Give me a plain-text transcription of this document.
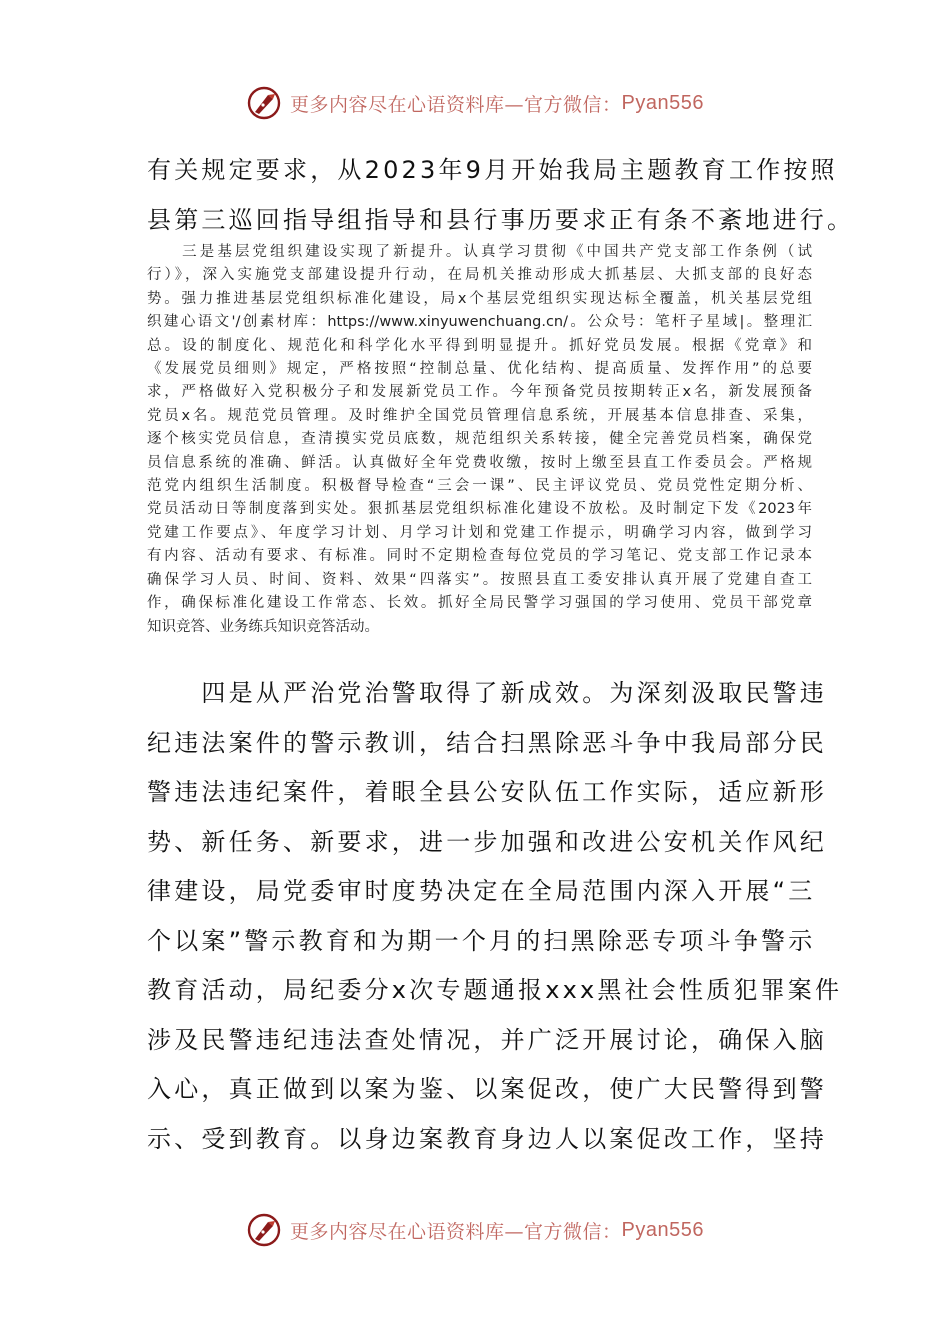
更多内容尽在心语资料库—官方微信： Pyan556
有关规定要求，从2023年9月开始我局主题教育工作按照
县第三巡回指导组指导和县行事历要求正有条不紊地进行。
　　三是基层党组织建设实现了新提升。认真学习贯彻《中国共产党支部工作条例（试
行）》，深入实施党支部建设提升行动，在局机关推动形成大抓基层、大抓支部的良好态
势。强力推进基层党组织标准化建设，局x个基层党组织实现达标全覆盖，机关基层党组
织建心语文'/创素材库：https://www.xinyuwenchuang.cn/。公众号：笔杆子星域|。整理汇
总。设的制度化、规范化和科学化水平得到明显提升。抓好党员发展。根据《党章》和
《发展党员细则》规定，严格按照“控制总量、优化结构、提高质量、发挥作用”的总要
求，严格做好入党积极分子和发展新党员工作。今年预备党员按期转正x名，新发展预备
党员x名。规范党员管理。及时维护全国党员管理信息系统，开展基本信息排查、采集，
逐个核实党员信息，查清摸实党员底数，规范组织关系转接，健全完善党员档案，确保党
员信息系统的准确、鲜活。认真做好全年党费收缴，按时上缴至县直工作委员会。严格规
范党内组织生活制度。积极督导检查“三会一课”、民主评议党员、党员党性定期分析、
党员活动日等制度落到实处。狠抓基层党组织标准化建设不放松。及时制定下发《2023年
党建工作要点》、年度学习计划、月学习计划和党建工作提示，明确学习内容，做到学习
有内容、活动有要求、有标准。同时不定期检查每位党员的学习笔记、党支部工作记录本
确保学习人员、时间、资料、效果“四落实”。按照县直工委安排认真开展了党建自查工
作，确保标准化建设工作常态、长效。抓好全局民警学习强国的学习使用、党员干部党章
知识竞答、业务练兵知识竞答活动。
　　四是从严治党治警取得了新成效。为深刻汲取民警违
纪违法案件的警示教训，结合扫黑除恶斗争中我局部分民
警违法违纪案件，着眼全县公安队伍工作实际，适应新形
势、新任务、新要求，进一步加强和改进公安机关作风纪
律建设，局党委审时度势决定在全局范围内深入开展“三
个以案”警示教育和为期一个月的扫黑除恶专项斗争警示
教育活动，局纪委分x次专题通报xxx黑社会性质犯罪案件
涉及民警违纪违法查处情况，并广泛开展讨论，确保入脑
入心，真正做到以案为鉴、以案促改，使广大民警得到警
示、受到教育。以身边案教育身边人以案促改工作，坚持
更多内容尽在心语资料库—官方微信： Pyan556
